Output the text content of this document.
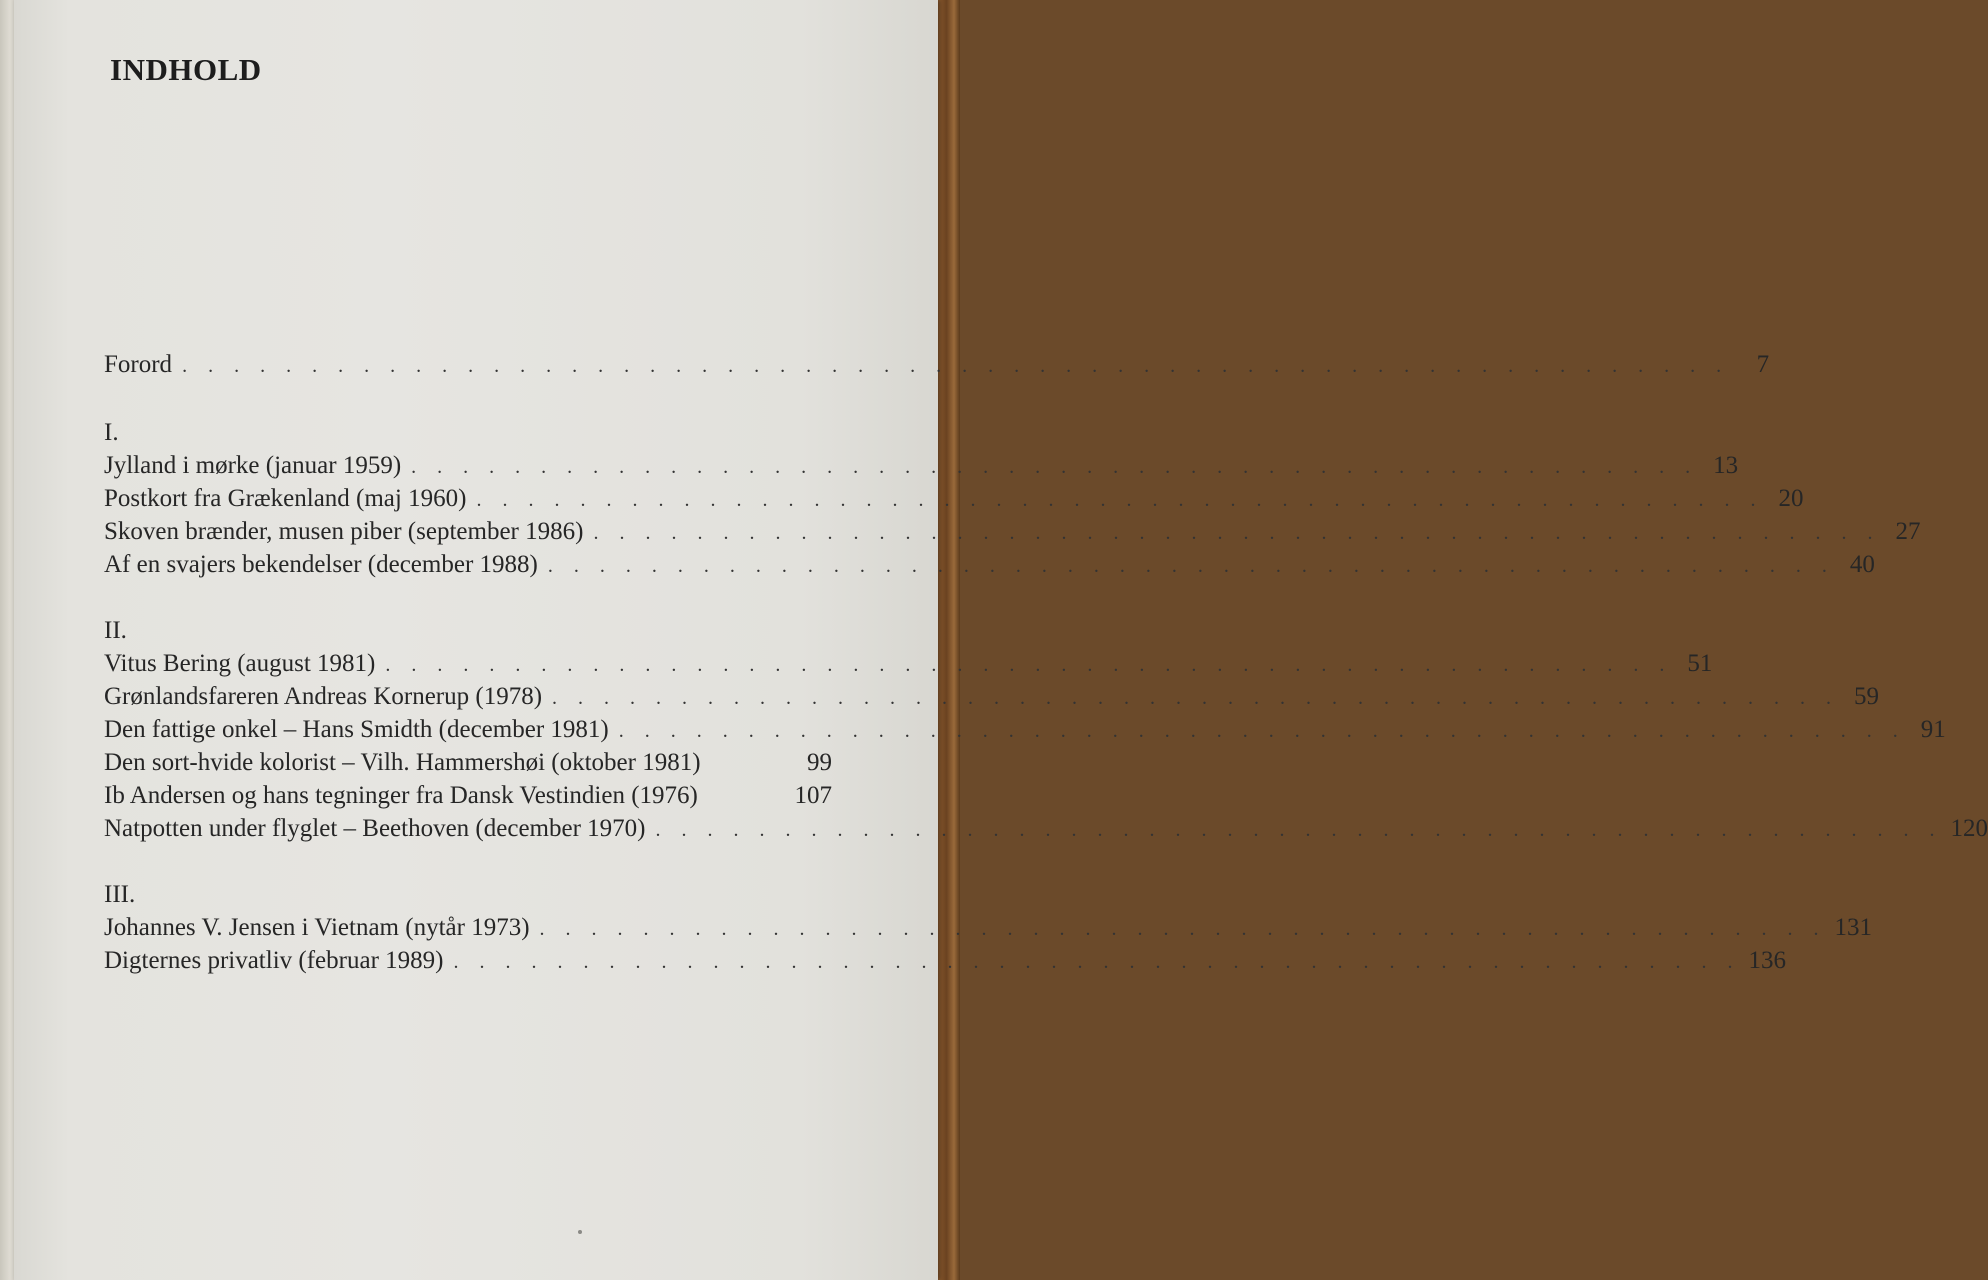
INDHOLD
Forord . . . . . . . . . . . . . . . . . . . . . . . . . . . . . . . . . . . . . . . . . . . . . . . . . . . . . . . . . . . .	7
I.
Jylland i mørke (januar 1959) . . . . . . . . . . . . . . . . . . . . . . . . . . . . . . . . . . . . . . . . . . . . . . . . . . 13
Postkort fra Grækenland (maj 1960) . . . . . . . . . . . . . . . . . . . . . . . . . . . . . . . . . . . . . . . . . . . . . . . . . . 20
Skoven brænder, musen piber (september 1986) . . . . . . . . . . . . . . . . . . . . . . . . . . . . . . . . . . . . . . . . . . . . . . . . . . 27
Af en svajers bekendelser (december 1988) . . . . . . . . . . . . . . . . . . . . . . . . . . . . . . . . . . . . . . . . . . . . . . . . . . 40
II.
Vitus Bering (august 1981) . . . . . . . . . . . . . . . . . . . . . . . . . . . . . . . . . . . . . . . . . . . . . . . . . . 51
Grønlandsfareren Andreas Kornerup (1978) . . . . . . . . . . . . . . . . . . . . . . . . . . . . . . . . . . . . . . . . . . . . . . . . . . 59
Den fattige onkel – Hans Smidth (december 1981) . . . . . . . . . . . . . . . . . . . . . . . . . . . . . . . . . . . . . . . . . . . . . . . . . . 91
Den sort-hvide kolorist – Vilh. Hammershøi (oktober 1981)	99
Ib Andersen og hans tegninger fra Dansk Vestindien (1976)	107
Natpotten under flyglet – Beethoven (december 1970) . . . . . . . . . . . . . . . . . . . . . . . . . . . . . . . . . . . . . . . . . . . . . . . . . . 120
III.
Johannes V. Jensen i Vietnam (nytår 1973) . . . . . . . . . . . . . . . . . . . . . . . . . . . . . . . . . . . . . . . . . . . . . . . . . . 131
Digternes privatliv (februar 1989) . . . . . . . . . . . . . . . . . . . . . . . . . . . . . . . . . . . . . . . . . . . . . . . . . . 136
